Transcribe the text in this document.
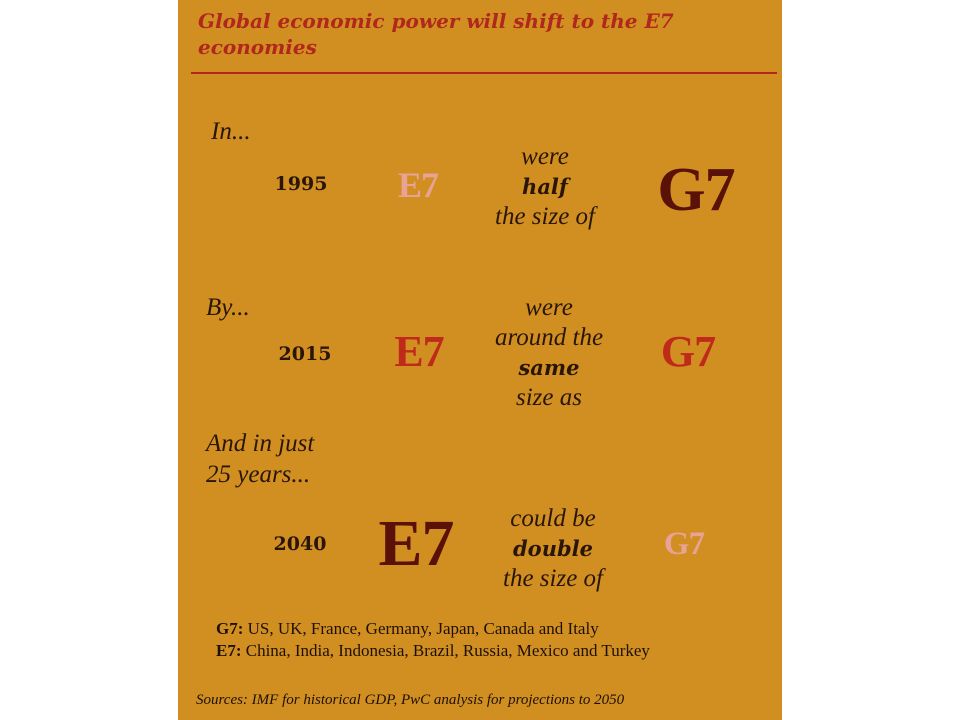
Global economic power will shift to the E7 economies
In...
1995	E7
were
half
the size of	G7
By...
2015	E7
were
around the
same
size as
G7
And in just
25 years...
2040 E7	could be
double
the size of
G7
G7: US, UK, France, Germany, Japan, Canada and Italy
E7: China, India, Indonesia, Brazil, Russia, Mexico and Turkey
Sources: IMF for historical GDP, PwC analysis for projections to 2050
